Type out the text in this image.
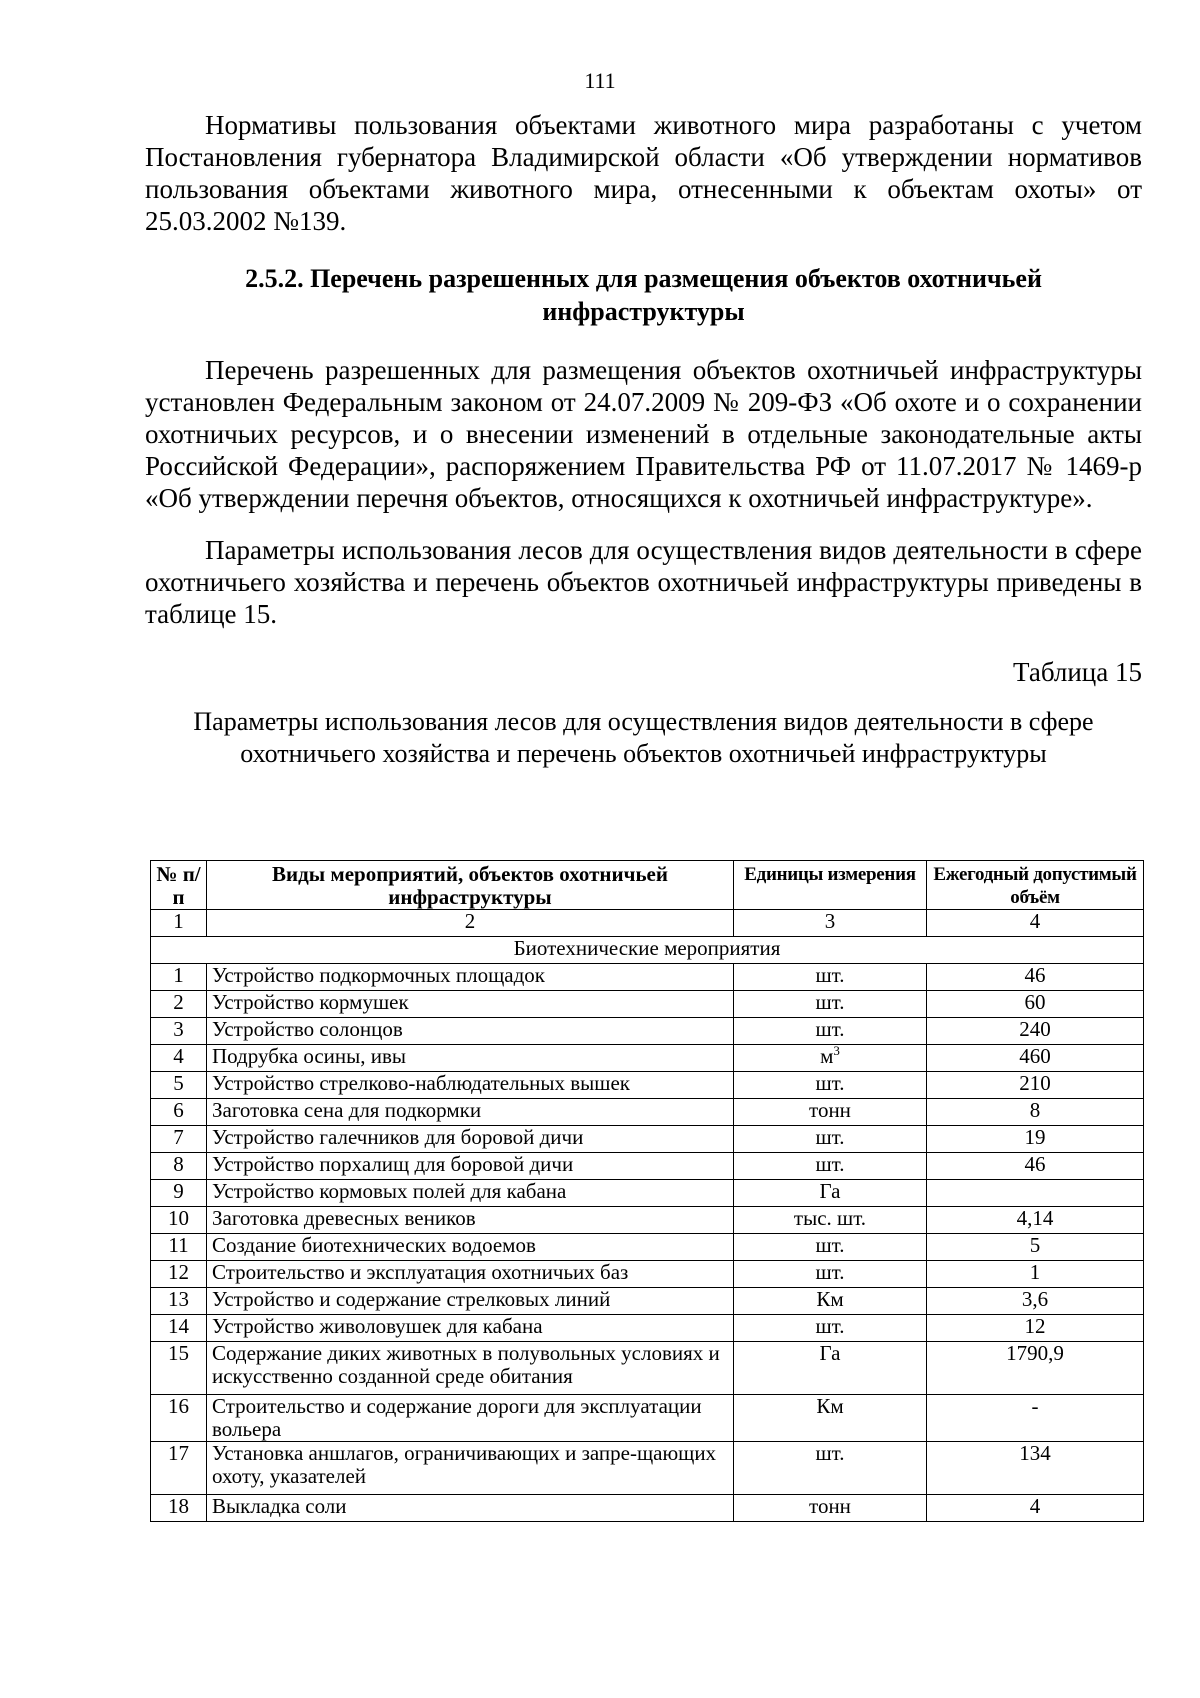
111

Нормативы пользования объектами животного мира разработаны с учетом Постановления губернатора Владимирской области «Об утверждении нормативов пользования объектами животного мира, отнесенными к объектам охоты» от 25.03.2002 №139.

2.5.2. Перечень разрешенных для размещения объектов охотничьей инфраструктуры

Перечень разрешенных для размещения объектов охотничьей инфраструктуры установлен Федеральным законом от 24.07.2009 № 209-ФЗ «Об охоте и о сохранении охотничьих ресурсов, и о внесении изменений в отдельные законодательные акты Российской Федерации», распоряжением Правительства РФ от 11.07.2017 № 1469-р «Об утверждении перечня объектов, относящихся к охотничьей инфраструктуре».

Параметры использования лесов для осуществления видов деятельности в сфере охотничьего хозяйства и перечень объектов охотничьей инфраструктуры приведены в таблице 15.

Таблица 15
Параметры использования лесов для осуществления видов деятельности в сфере
охотничьего хозяйства и перечень объектов охотничьей инфраструктуры
№ п/п	Виды мероприятий, объектов охотничьей инфраструктуры	Единицы измерения	Ежегодный допустимый объём
1	2	3	4
Биотехнические мероприятия			
1	Устройство подкормочных площадок	шт.	46
2	Устройство кормушек	шт.	60
3	Устройство солонцов	шт.	240
4	Подрубка осины, ивы	$м^3$	460
5	Устройство стрелково-наблюдательных вышек	шт.	210
6	Заготовка сена для подкормки	тонн	8
7	Устройство галечников для боровой дичи	шт.	19
8	Устройство порхалищ для боровой дичи	шт.	46
9	Устройство кормовых полей для кабана	Га	
10	Заготовка древесных веников	тыс. шт.	4,14
11	Создание биотехнических водоемов	шт.	5
12	Строительство и эксплуатация охотничьих баз	шт.	1
13	Устройство и содержание стрелковых линий	Км	3,6
14	Устройство живоловушек для кабана	шт.	12
15	Содержание диких животных в полувольных условиях и искусственно созданной среде обитания	Га	1790,9
16	Строительство и содержание дороги для эксплуатации вольера	Км	-
17	Установка аншлагов, ограничивающих и запре-щающих охоту, указателей	шт.	134
18	Выкладка соли	тонн	4
